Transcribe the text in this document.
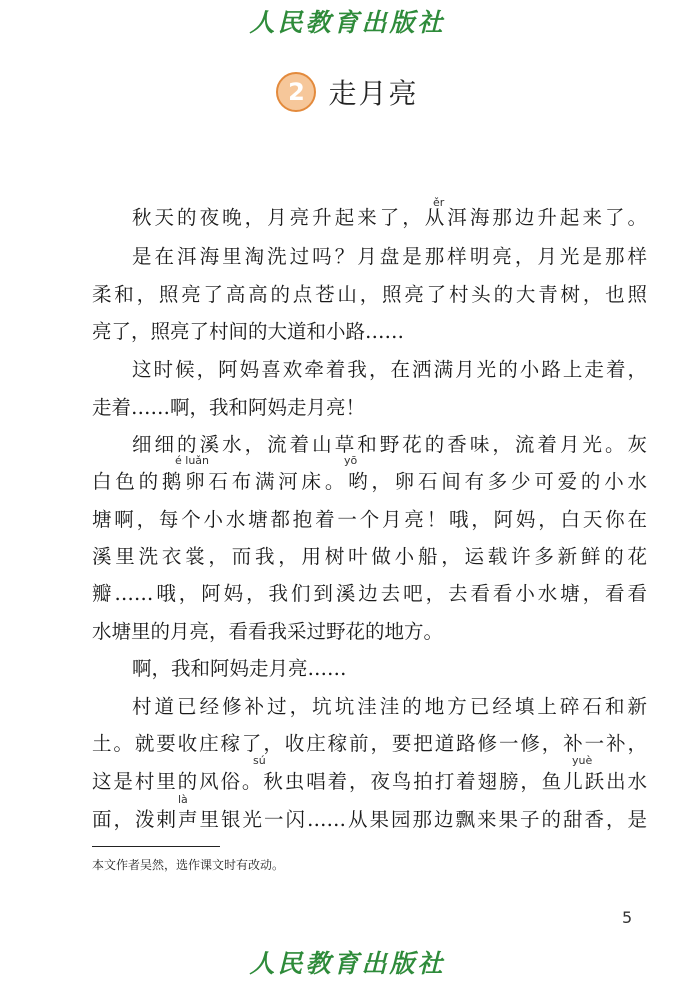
人民教育出版社
2 走月亮
ěr
é luǎn	yō
sú	yuè
là
秋天的夜晚，月亮升起来了，从洱海那边升起来了。
是在洱海里淘洗过吗？月盘是那样明亮，月光是那样
柔和，照亮了高高的点苍山，照亮了村头的大青树，也照
亮了，照亮了村间的大道和小路……
这时候，阿妈喜欢牵着我，在洒满月光的小路上走着，
走着……啊，我和阿妈走月亮！
细细的溪水，流着山草和野花的香味，流着月光。灰
白色的鹅卵石布满河床。哟，卵石间有多少可爱的小水
塘啊，每个小水塘都抱着一个月亮！哦，阿妈，白天你在
溪里洗衣裳，而我，用树叶做小船，运载许多新鲜的花
瓣……哦，阿妈，我们到溪边去吧，去看看小水塘，看看
水塘里的月亮，看看我采过野花的地方。
啊，我和阿妈走月亮……
村道已经修补过，坑坑洼洼的地方已经填上碎石和新
土。就要收庄稼了，收庄稼前，要把道路修一修，补一补，
这是村里的风俗。秋虫唱着，夜鸟拍打着翅膀，鱼儿跃出水
面，泼剌声里银光一闪……从果园那边飘来果子的甜香，是
本文作者吴然，选作课文时有改动。
5
人民教育出版社
